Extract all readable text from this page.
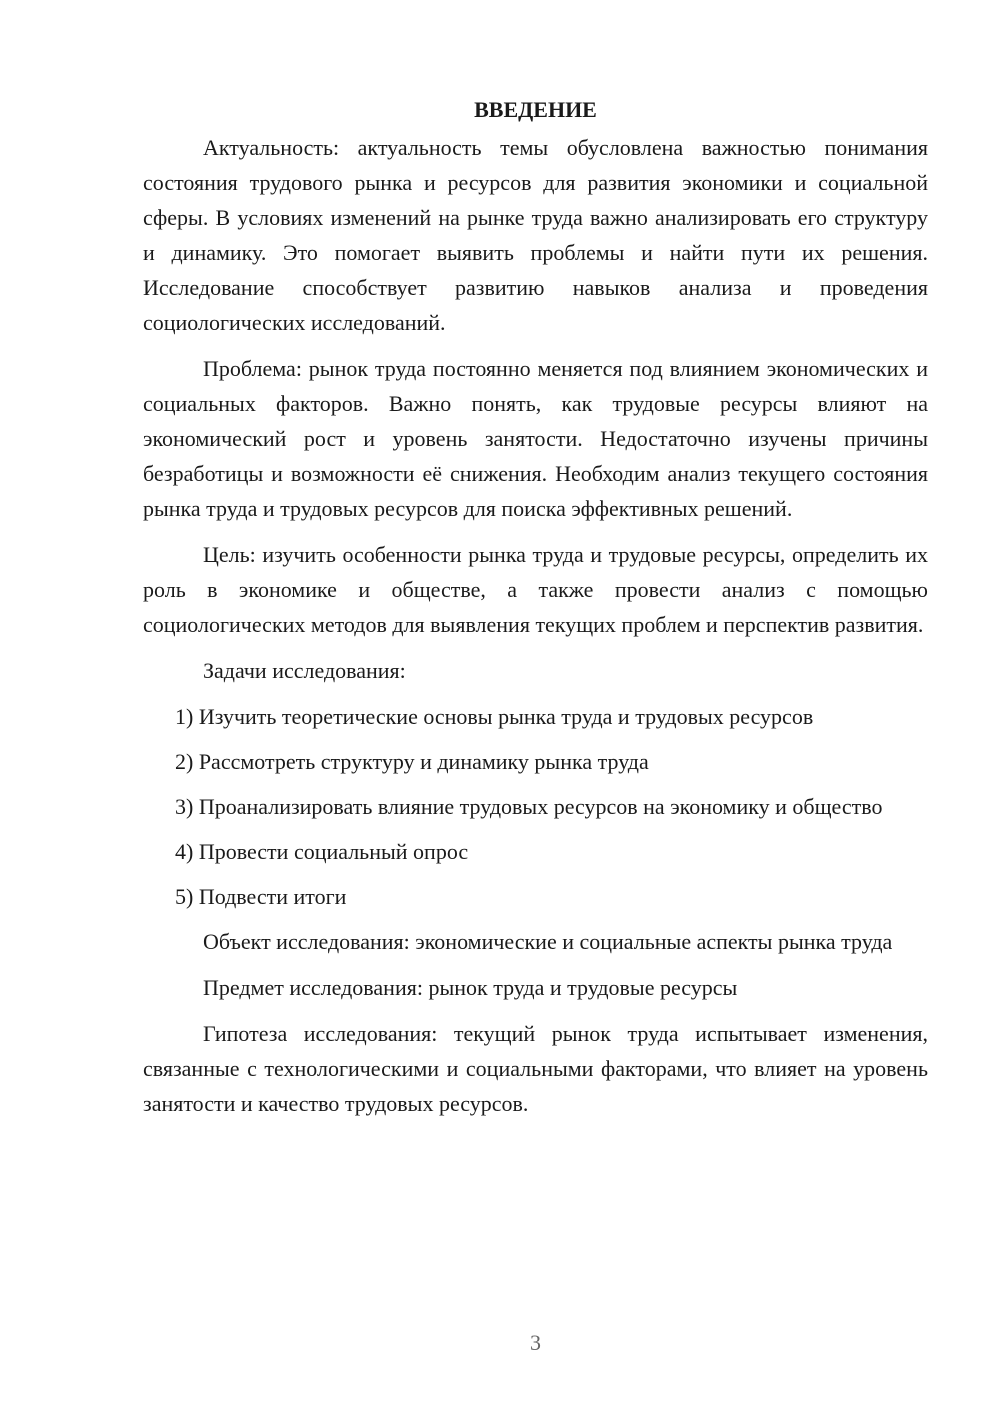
ВВЕДЕНИЕ

Актуальность: актуальность темы обусловлена важностью понимания состояния трудового рынка и ресурсов для развития экономики и социальной сферы. В условиях изменений на рынке труда важно анализировать его структуру и динамику. Это помогает выявить проблемы и найти пути их решения. Исследование способствует развитию навыков анализа и проведения социологических исследований.

Проблема: рынок труда постоянно меняется под влиянием экономических и социальных факторов. Важно понять, как трудовые ресурсы влияют на экономический рост и уровень занятости. Недостаточно изучены причины безработицы и возможности её снижения. Необходим анализ текущего состояния рынка труда и трудовых ресурсов для поиска эффективных решений.

Цель: изучить особенности рынка труда и трудовые ресурсы, определить их роль в экономике и обществе, а также провести анализ с помощью социологических методов для выявления текущих проблем и перспектив развития.

Задачи исследования:

1) Изучить теоретические основы рынка труда и трудовых ресурсов

2) Рассмотреть структуру и динамику рынка труда

3) Проанализировать влияние трудовых ресурсов на экономику и общество

4) Провести социальный опрос

5) Подвести итоги

Объект исследования: экономические и социальные аспекты рынка труда

Предмет исследования: рынок труда и трудовые ресурсы

Гипотеза исследования: текущий рынок труда испытывает изменения, связанные с технологическими и социальными факторами, что влияет на уровень занятости и качество трудовых ресурсов.

3
